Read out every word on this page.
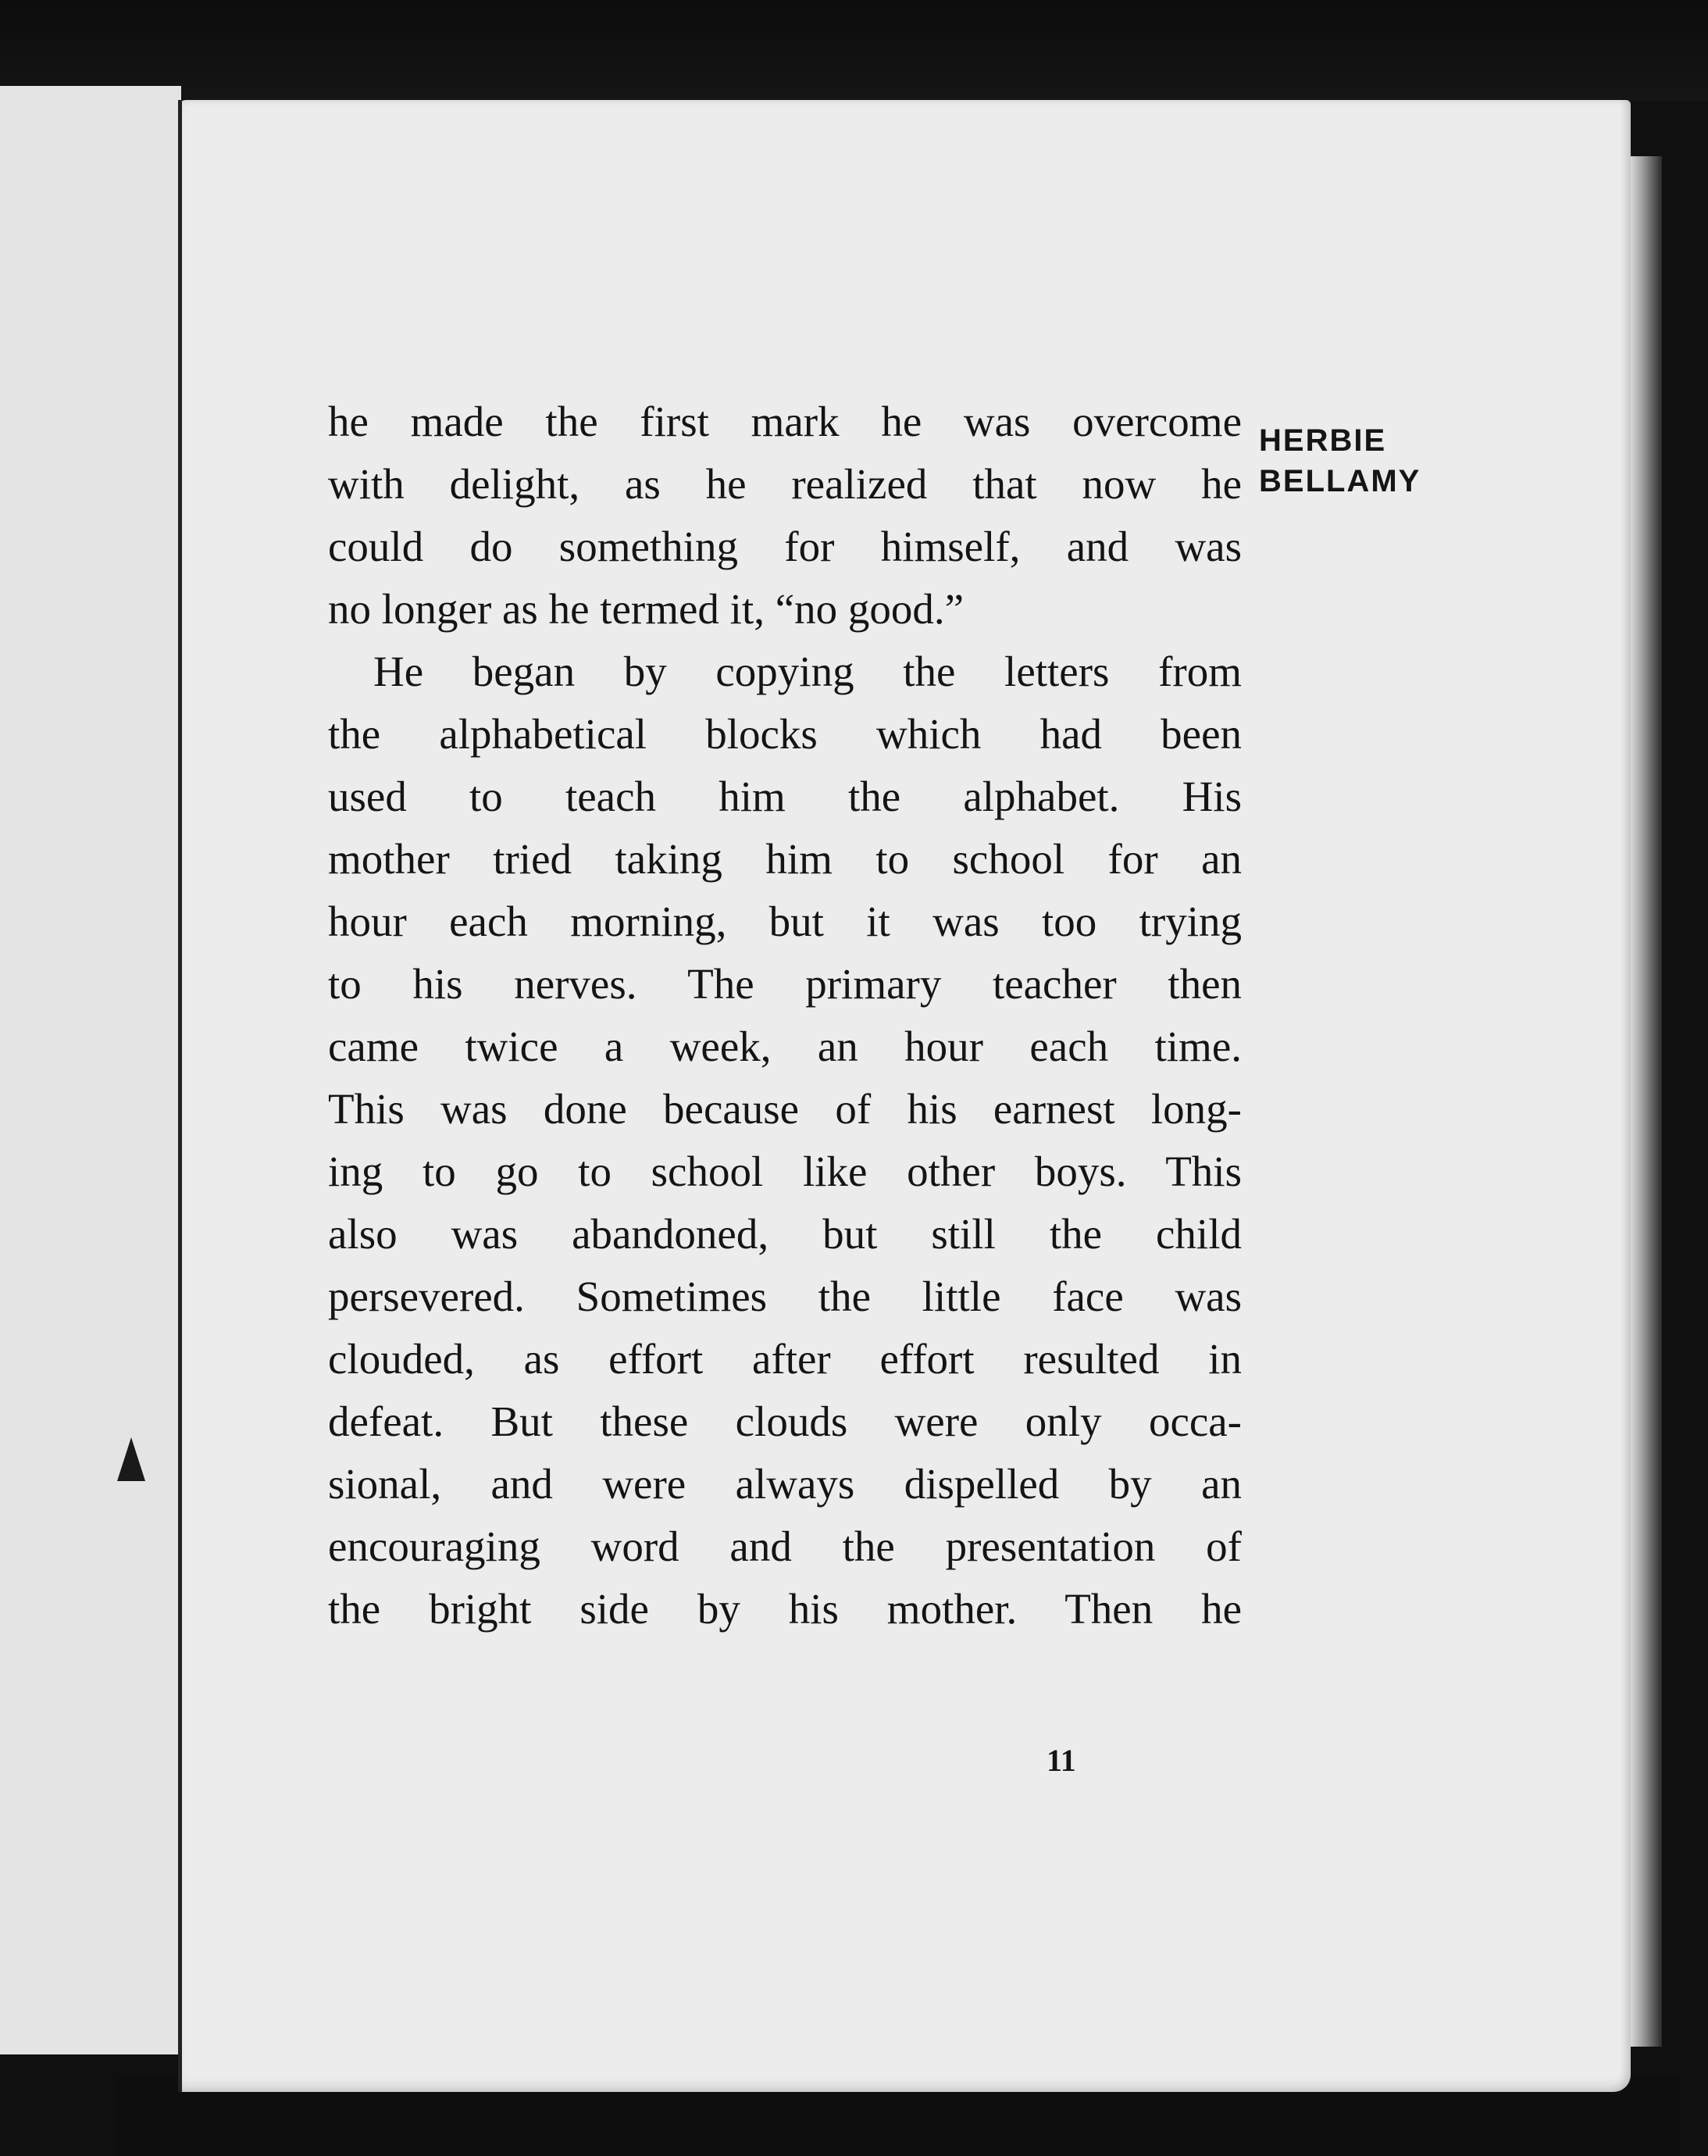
HERBIE
BELLAMY
he made the first mark he was overcome
with delight, as he realized that now he
could do something for himself, and was
no longer as he termed it, “no good.”
He began by copying the letters from
the alphabetical blocks which had been
used to teach him the alphabet. His
mother tried taking him to school for an
hour each morning, but it was too trying
to his nerves. The primary teacher then
came twice a week, an hour each time.
This was done because of his earnest long-
ing to go to school like other boys. This
also was abandoned, but still the child
persevered. Sometimes the little face was
clouded, as effort after effort resulted in
defeat. But these clouds were only occa-
sional, and were always dispelled by an
encouraging word and the presentation of
the bright side by his mother. Then he
11
